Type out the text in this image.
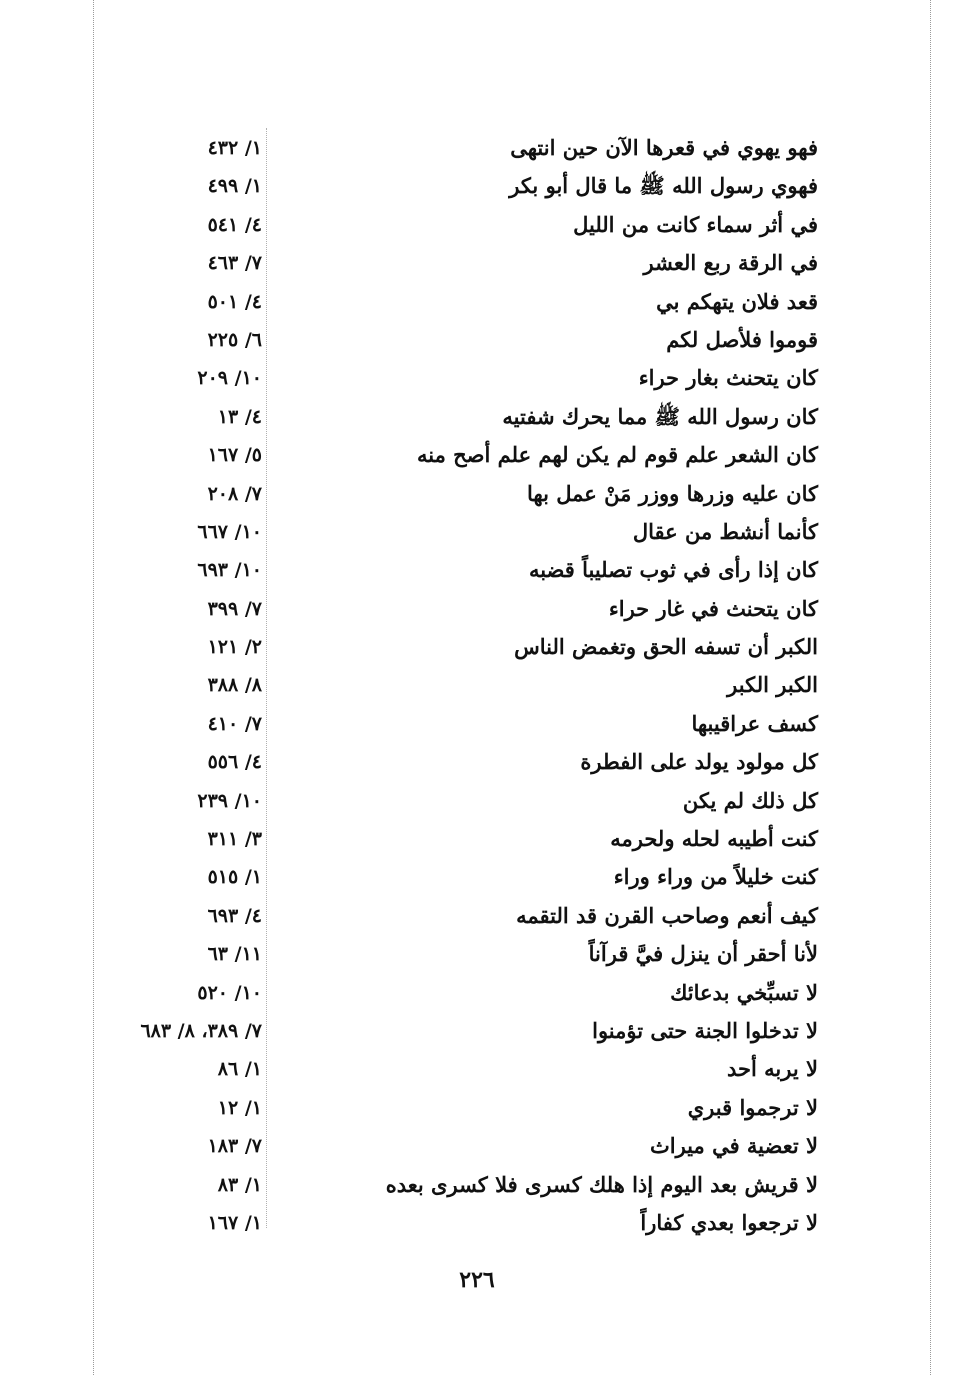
فهو يهوي في قعرها الآن حين انتهى
١/ ٤٣٢
فهوي رسول الله ﷺ ما قال أبو بكر
١/ ٤٩٩
في أثر سماء كانت من الليل
٤/ ٥٤١
في الرقة ربع العشر
٧/ ٤٦٣
قعد فلان يتهكم بي
٤/ ٥٠١
قوموا فلأصل لكم
٦/ ٢٢٥
كان يتحنث بغار حراء
١٠/ ٢٠٩
كان رسول الله ﷺ مما يحرك شفتيه
٤/ ١٣
كان الشعر علم قوم لم يكن لهم علم أصح منه
٥/ ١٦٧
كان عليه وزرها ووزر مَنْ عمل بها
٧/ ٢٠٨
كأنما أنشط من عقال
١٠/ ٦٦٧
كان إذا رأى في ثوب تصليباً قضبه
١٠/ ٦٩٣
كان يتحنث في غار حراء
٧/ ٣٩٩
الكبر أن تسفه الحق وتغمض الناس
٢/ ١٢١
الكبر الكبر
٨/ ٣٨٨
كسف عراقيبها
٧/ ٤١٠
كل مولود يولد على الفطرة
٤/ ٥٥٦
كل ذلك لم يكن
١٠/ ٢٣٩
كنت أطيبه لحله ولحرمه
٣/ ٣١١
كنت خليلاً من وراء وراء
١/ ٥١٥
كيف أنعم وصاحب القرن قد التقمه
٤/ ٦٩٣
لأنا أحقر أن ينزل فيَّ قرآناً
١١/ ٦٣
لا تسبِّخي بدعائك
١٠/ ٥٢٠
لا تدخلوا الجنة حتى تؤمنوا
٧/ ٣٨٩، ٨/ ٦٨٣
لا يربه أحد
١/ ٨٦
لا ترجموا قبري
١/ ١٢
لا تعضية في ميراث
٧/ ١٨٣
لا قريش بعد اليوم إذا هلك كسرى فلا كسرى بعده
١/ ٨٣
لا ترجعوا بعدي كفاراً
١/ ١٦٧
٢٢٦
